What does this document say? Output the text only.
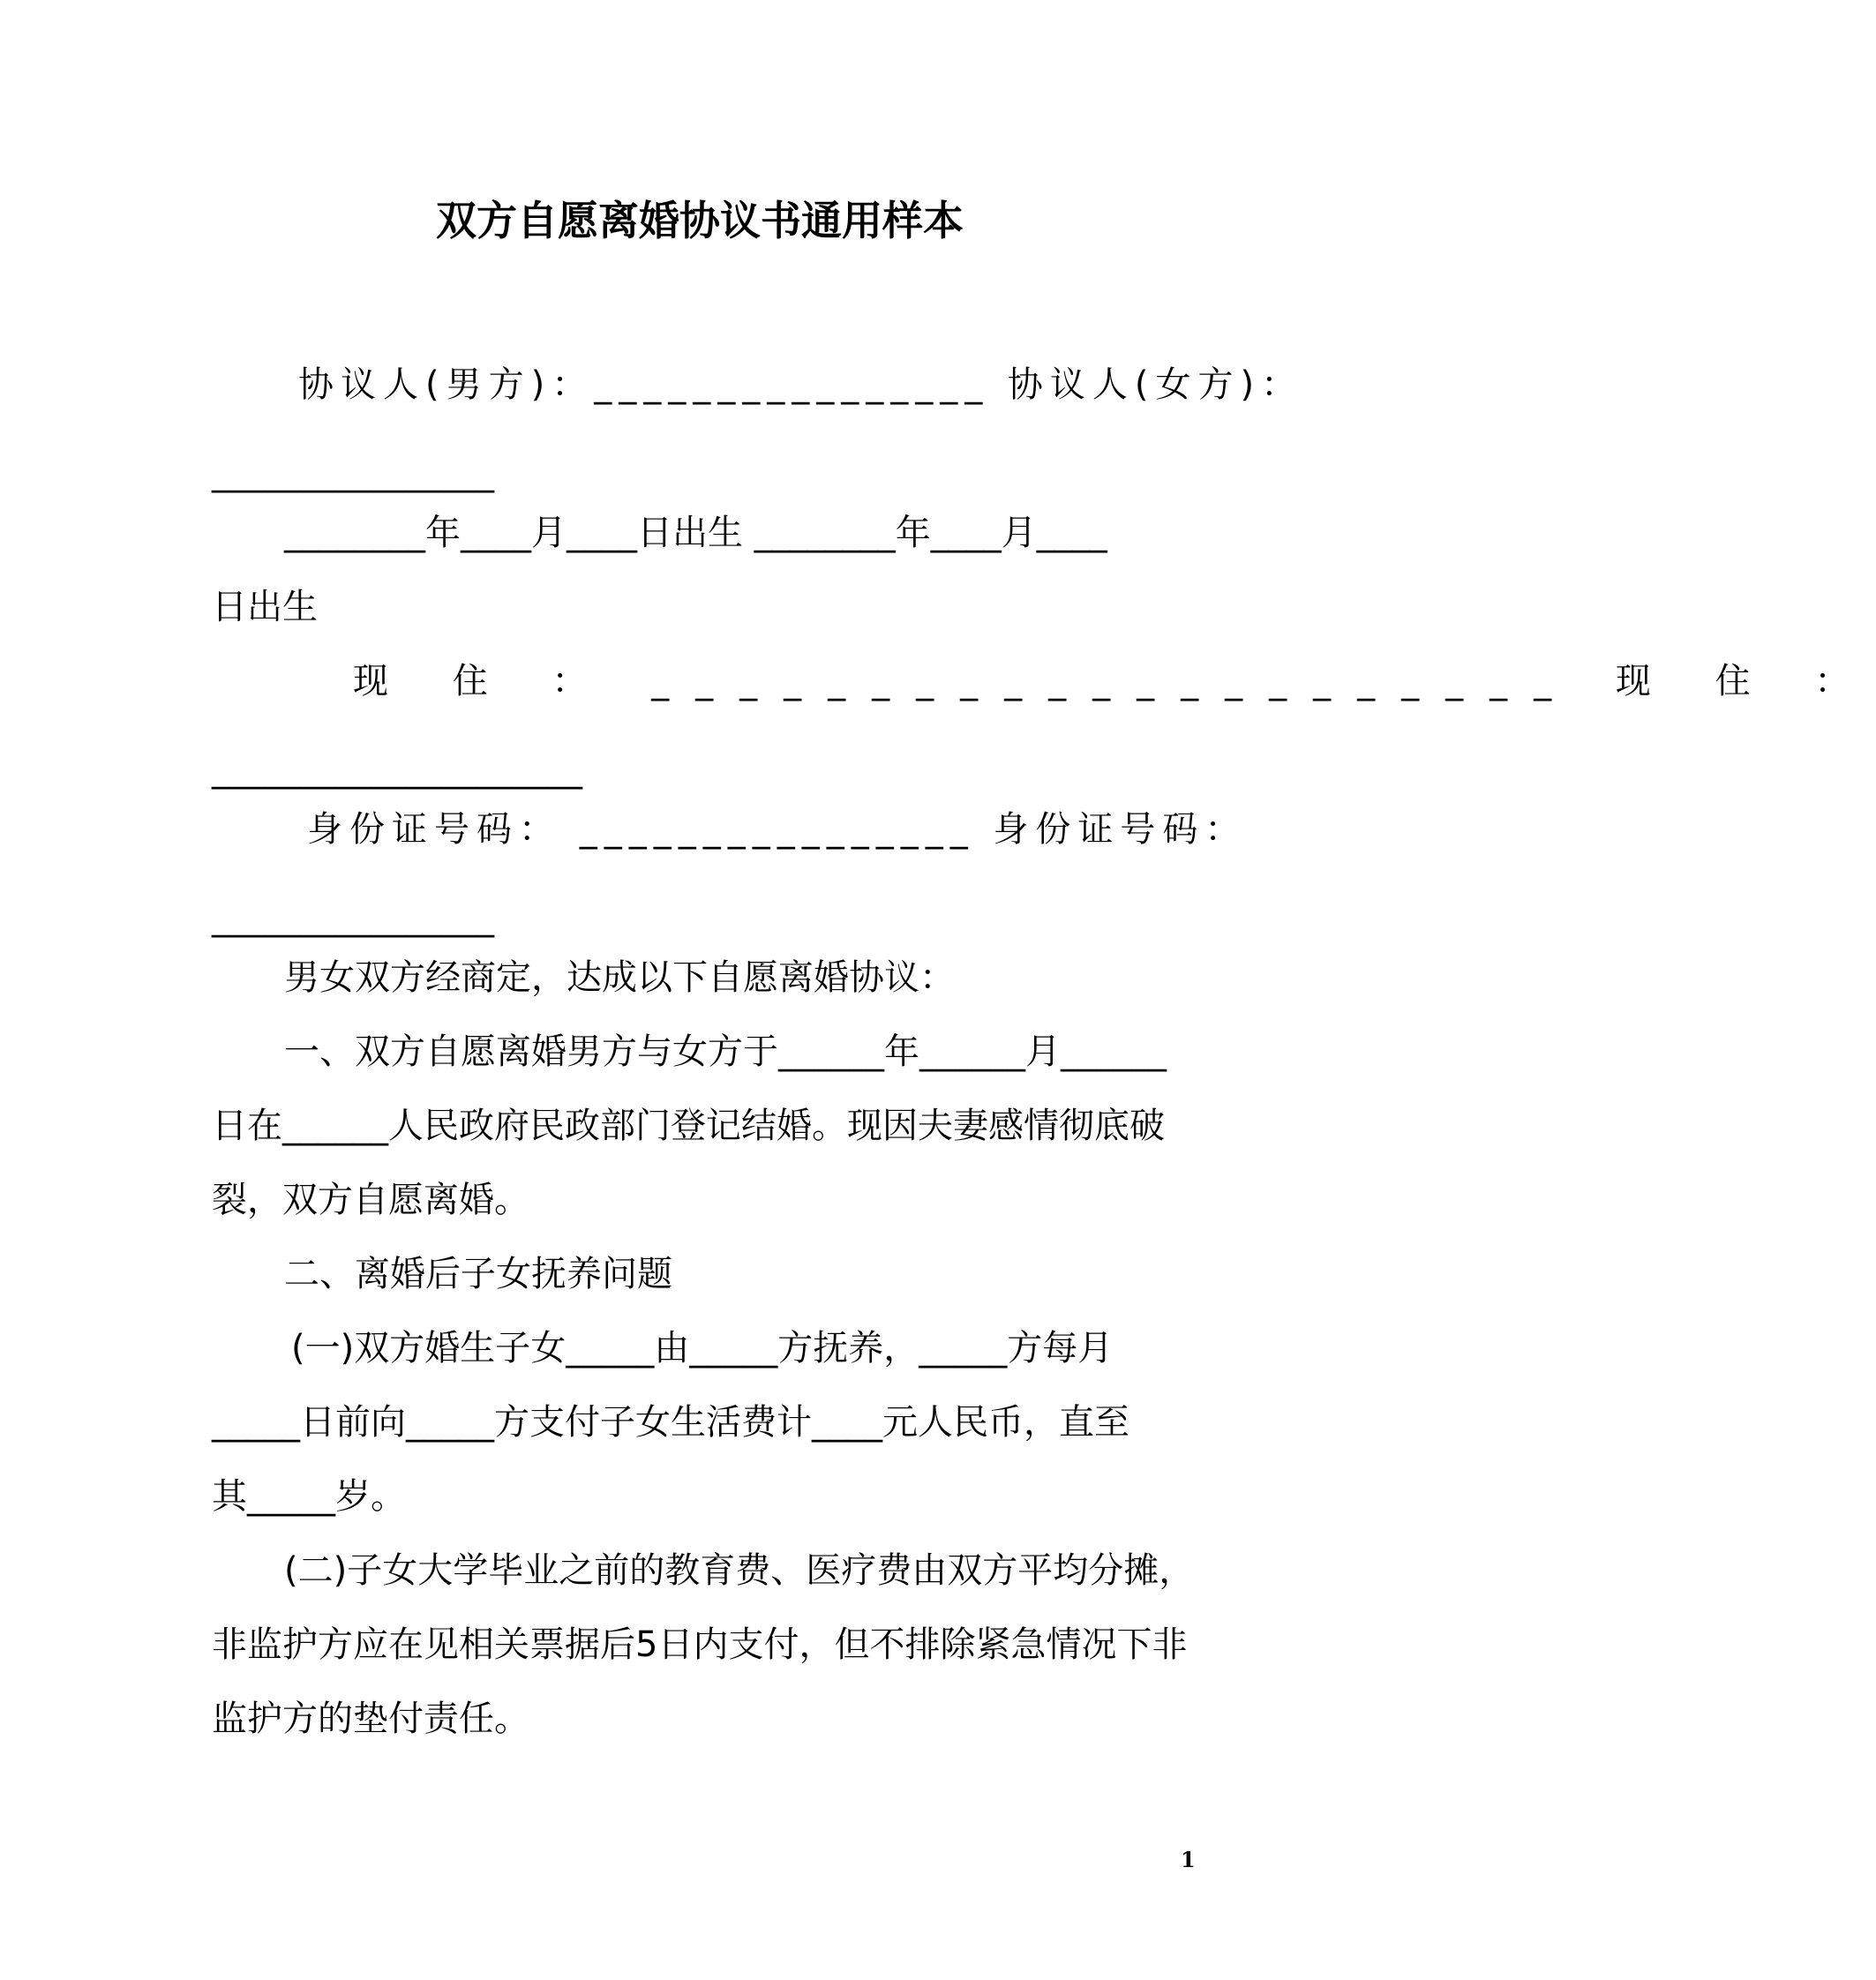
双方自愿离婚协议书通用样本
协议人(男方)：________________ 协议人(女方)：
________________
________年____月____日出生 ________年____月____
日出生
现 住 ： _____________________ 现 住 ：
_____________________
身份证号码： ________________ 身份证号码：
________________
男女双方经商定，达成以下自愿离婚协议：
一、双方自愿离婚男方与女方于______年______月______
日在______人民政府民政部门登记结婚。现因夫妻感情彻底破
裂，双方自愿离婚。
二、离婚后子女抚养问题
(一)双方婚生子女_____由_____方抚养，_____方每月
_____日前向_____方支付子女生活费计____元人民币，直至
其_____岁。
(二)子女大学毕业之前的教育费、医疗费由双方平均分摊，
非监护方应在见相关票据后5日内支付，但不排除紧急情况下非
监护方的垫付责任。
1
